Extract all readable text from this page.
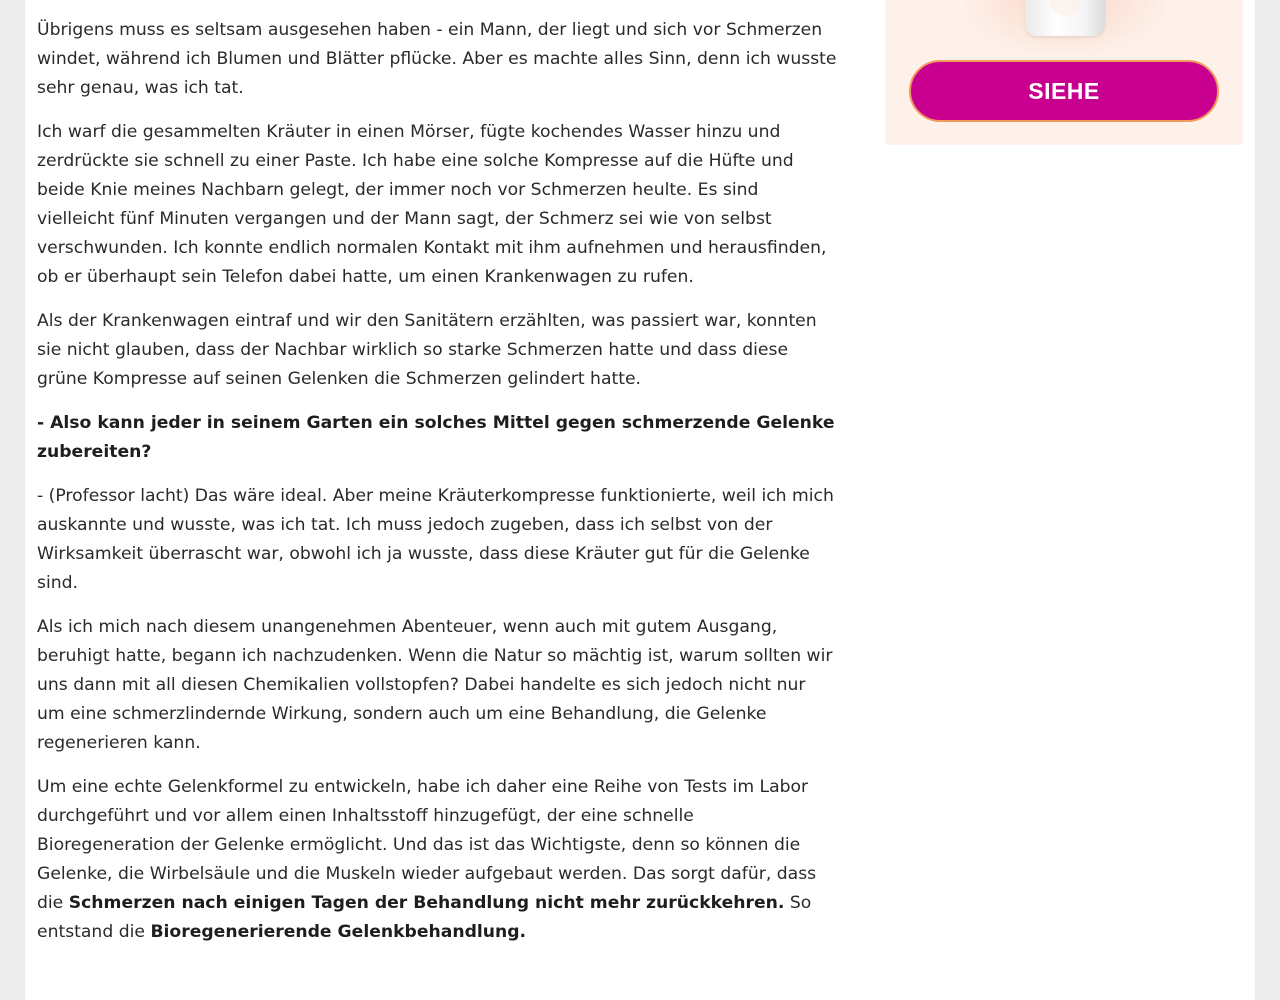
Übrigens muss es seltsam ausgesehen haben - ein Mann, der liegt und sich vor Schmerzen windet, während ich Blumen und Blätter pflücke. Aber es machte alles Sinn, denn ich wusste sehr genau, was ich tat.

Ich warf die gesammelten Kräuter in einen Mörser, fügte kochendes Wasser hinzu und zerdrückte sie schnell zu einer Paste. Ich habe eine solche Kompresse auf die Hüfte und beide Knie meines Nachbarn gelegt, der immer noch vor Schmerzen heulte. Es sind vielleicht fünf Minuten vergangen und der Mann sagt, der Schmerz sei wie von selbst verschwunden. Ich konnte endlich normalen Kontakt mit ihm aufnehmen und herausfinden, ob er überhaupt sein Telefon dabei hatte, um einen Krankenwagen zu rufen.

Als der Krankenwagen eintraf und wir den Sanitätern erzählten, was passiert war, konnten sie nicht glauben, dass der Nachbar wirklich so starke Schmerzen hatte und dass diese grüne Kompresse auf seinen Gelenken die Schmerzen gelindert hatte.

- Also kann jeder in seinem Garten ein solches Mittel gegen schmerzende Gelenke zubereiten?

- (Professor lacht) Das wäre ideal. Aber meine Kräuterkompresse funktionierte, weil ich mich auskannte und wusste, was ich tat. Ich muss jedoch zugeben, dass ich selbst von der Wirksamkeit überrascht war, obwohl ich ja wusste, dass diese Kräuter gut für die Gelenke sind.

Als ich mich nach diesem unangenehmen Abenteuer, wenn auch mit gutem Ausgang, beruhigt hatte, begann ich nachzudenken. Wenn die Natur so mächtig ist, warum sollten wir uns dann mit all diesen Chemikalien vollstopfen? Dabei handelte es sich jedoch nicht nur um eine schmerzlindernde Wirkung, sondern auch um eine Behandlung, die Gelenke regenerieren kann.

Um eine echte Gelenkformel zu entwickeln, habe ich daher eine Reihe von Tests im Labor durchgeführt und vor allem einen Inhaltsstoff hinzugefügt, der eine schnelle Bioregeneration der Gelenke ermöglicht. Und das ist das Wichtigste, denn so können die Gelenke, die Wirbelsäule und die Muskeln wieder aufgebaut werden. Das sorgt dafür, dass die Schmerzen nach einigen Tagen der Behandlung nicht mehr zurückkehren. So entstand die Bioregenerierende Gelenkbehandlung.

SIEHE
